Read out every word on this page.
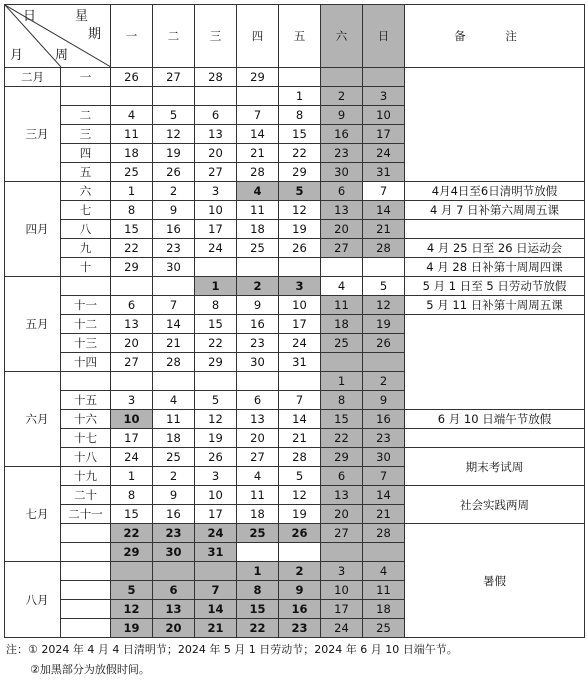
日 星
期
月 周		一	二	三	四	五	六	日	备 注
二月	一	26	27	28	29				
三月						1	2	3	
	二	4	5	6	7	8	9	10	
	三	11	12	13	14	15	16	17	
	四	18	19	20	21	22	23	24	
	五	25	26	27	28	29	30	31	
四月	六	1	2	3	4	5	6	7	4月4日至6日清明节放假

	七	8	9	10	11	12	13	14	4 月 7 日补第六周周五课

	八	15	16	17	18	19	20	21	
	九	22	23	24	25	26	27	28	4 月 25 日至 26 日运动会

	十	29	30						4 月 28 日补第十周周四课

五月				1	2	3	4	5	5 月 1 日至 5 日劳动节放假

	十一	6	7	8	9	10	11	12	5 月 11 日补第十周周五课

	十二	13	14	15	16	17	18	19	
	十三	20	21	22	23	24	25	26	
	十四	27	28	29	30	31			
六月							1	2	
	十五	3	4	5	6	7	8	9	
	十六	10	11	12	13	14	15	16	6 月 10 日端午节放假

	十七	17	18	19	20	21	22	23	
	十八	24	25	26	27	28	29	30	期末考试周

七月	十九	1	2	3	4	5	6	7	
	二十	8	9	10	11	12	13	14	社会实践两周

	二十一	15	16	17	18	19	20	21	
		22	23	24	25	26	27	28	暑假

		29	30	31					
八月					1	2	3	4	
		5	6	7	8	9	10	11	
		12	13	14	15	16	17	18	
		19	20	21	22	23	24	25	
注：① 2024 年 4 月 4 日清明节；2024 年 5 月 1 日劳动节；2024 年 6 月 10 日端午节。
②加黑部分为放假时间。
